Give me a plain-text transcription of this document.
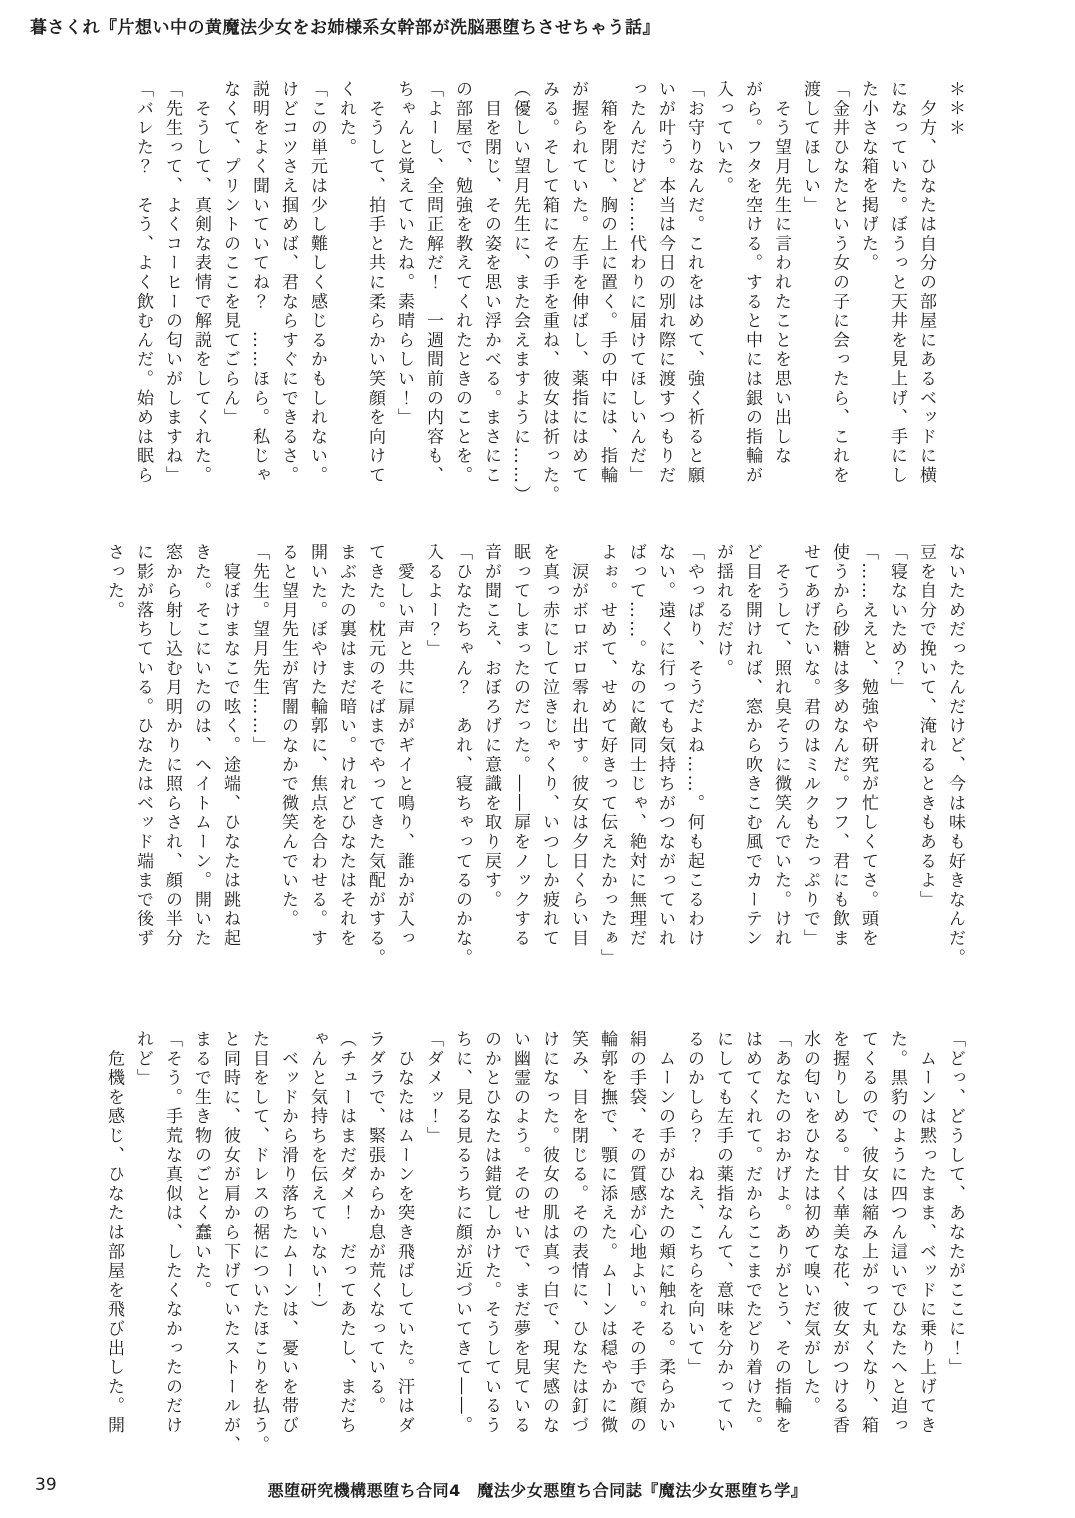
暮さくれ『片想い中の黄魔法少女をお姉様系女幹部が洗脳悪堕ちさせちゃう話』
＊＊＊
　夕方、ひなたは自分の部屋にあるベッドに横
になっていた。ぼうっと天井を見上げ、手にし
た小さな箱を掲げた。
「金井ひなたという女の子に会ったら、これを
渡してほしい」
　そう望月先生に言われたことを思い出しな
がら。フタを空ける。すると中には銀の指輪が
入っていた。
「お守りなんだ。これをはめて、強く祈ると願
いが叶う。本当は今日の別れ際に渡すつもりだ
ったんだけど……代わりに届けてほしいんだ」
　箱を閉じ、胸の上に置く。手の中には、指輪
が握られていた。左手を伸ばし、薬指にはめて
みる。そして箱にその手を重ね、彼女は祈った。
（優しい望月先生に、また会えますように……）
　目を閉じ、その姿を思い浮かべる。まさにこ
の部屋で、勉強を教えてくれたときのことを。
「よーし、全問正解だ！　一週間前の内容も、
ちゃんと覚えていたね。素晴らしい！」
　そうして、拍手と共に柔らかい笑顔を向けて
くれた。
「この単元は少し難しく感じるかもしれない。
けどコツさえ掴めば、君ならすぐにできるさ。
説明をよく聞いていてね？　……ほら。私じゃ
なくて、プリントのここを見てごらん」
　そうして、真剣な表情で解説をしてくれた。
「先生って、よくコーヒーの匂いがしますね」
「バレた？　そう、よく飲むんだ。始めは眠ら
ないためだったんだけど、今は味も好きなんだ。
豆を自分で挽いて、淹れるときもあるよ」
「寝ないため？」
「……ええと、勉強や研究が忙しくてさ。頭を
使うから砂糖は多めなんだ。フフ、君にも飲ま
せてあげたいな。君のはミルクもたっぷりで」
　そうして、照れ臭そうに微笑んでいた。けれ
ど目を開ければ、窓から吹きこむ風でカーテン
が揺れるだけ。
「やっぱり、そうだよね……。何も起こるわけ
ない。遠くに行っても気持ちがつながっていれ
ばって……。なのに敵同士じゃ、絶対に無理だ
よぉ。せめて、せめて好きって伝えたかったぁ」
　涙がボロボロ零れ出す。彼女は夕日くらい目
を真っ赤にして泣きじゃくり、いつしか疲れて
眠ってしまったのだった。――扉をノックする
音が聞こえ、おぼろげに意識を取り戻す。
「ひなたちゃん？　あれ、寝ちゃってるのかな。
入るよー？」
　愛しい声と共に扉がギイと鳴り、誰かが入っ
てきた。枕元のそばまでやってきた気配がする。
まぶたの裏はまだ暗い。けれどひなたはそれを
開いた。ぼやけた輪郭に、焦点を合わせる。す
ると望月先生が宵闇のなかで微笑んでいた。
「先生。望月先生……」
　寝ぼけまなこで呟く。途端、ひなたは跳ね起
きた。そこにいたのは、ヘイトムーン。開いた
窓から射し込む月明かりに照らされ、顔の半分
に影が落ちている。ひなたはベッド端まで後ず
さった。
「どっ、どうして、あなたがここに！」
　ムーンは黙ったまま、ベッドに乗り上げてき
た。黒豹のように四つん這いでひなたへと迫っ
てくるので、彼女は縮み上がって丸くなり、箱
を握りしめる。甘く華美な花、彼女がつける香
水の匂いをひなたは初めて嗅いだ気がした。
「あなたのおかげよ。ありがとう、その指輪を
はめてくれて。だからここまでたどり着けた。
にしても左手の薬指なんて、意味を分かってい
るのかしら？　ねえ、こちらを向いて」
　ムーンの手がひなたの頬に触れる。柔らかい
絹の手袋、その質感が心地よい。その手で顔の
輪郭を撫で、顎に添えた。ムーンは穏やかに微
笑み、目を閉じる。その表情に、ひなたは釘づ
けになった。彼女の肌は真っ白で、現実感のな
い幽霊のよう。そのせいで、まだ夢を見ている
のかとひなたは錯覚しかけた。そうしているう
ちに、見る見るうちに顔が近づいてきて――。
「ダメッ！」
　ひなたはムーンを突き飛ばしていた。汗はダ
ラダラで、緊張からか息が荒くなっている。
（チューはまだダメ！　だってあたし、まだち
ゃんと気持ちを伝えていない！）
　ベッドから滑り落ちたムーンは、憂いを帯び
た目をして、ドレスの裾についたほこりを払う。
と同時に、彼女が肩から下げていたストールが、
まるで生き物のごとく蠢いた。
「そう。手荒な真似は、したくなかったのだけ
れど」
　危機を感じ、ひなたは部屋を飛び出した。開
悪堕研究機構悪堕ち合同4　魔法少女悪堕ち合同誌『魔法少女悪堕ち学』
39
